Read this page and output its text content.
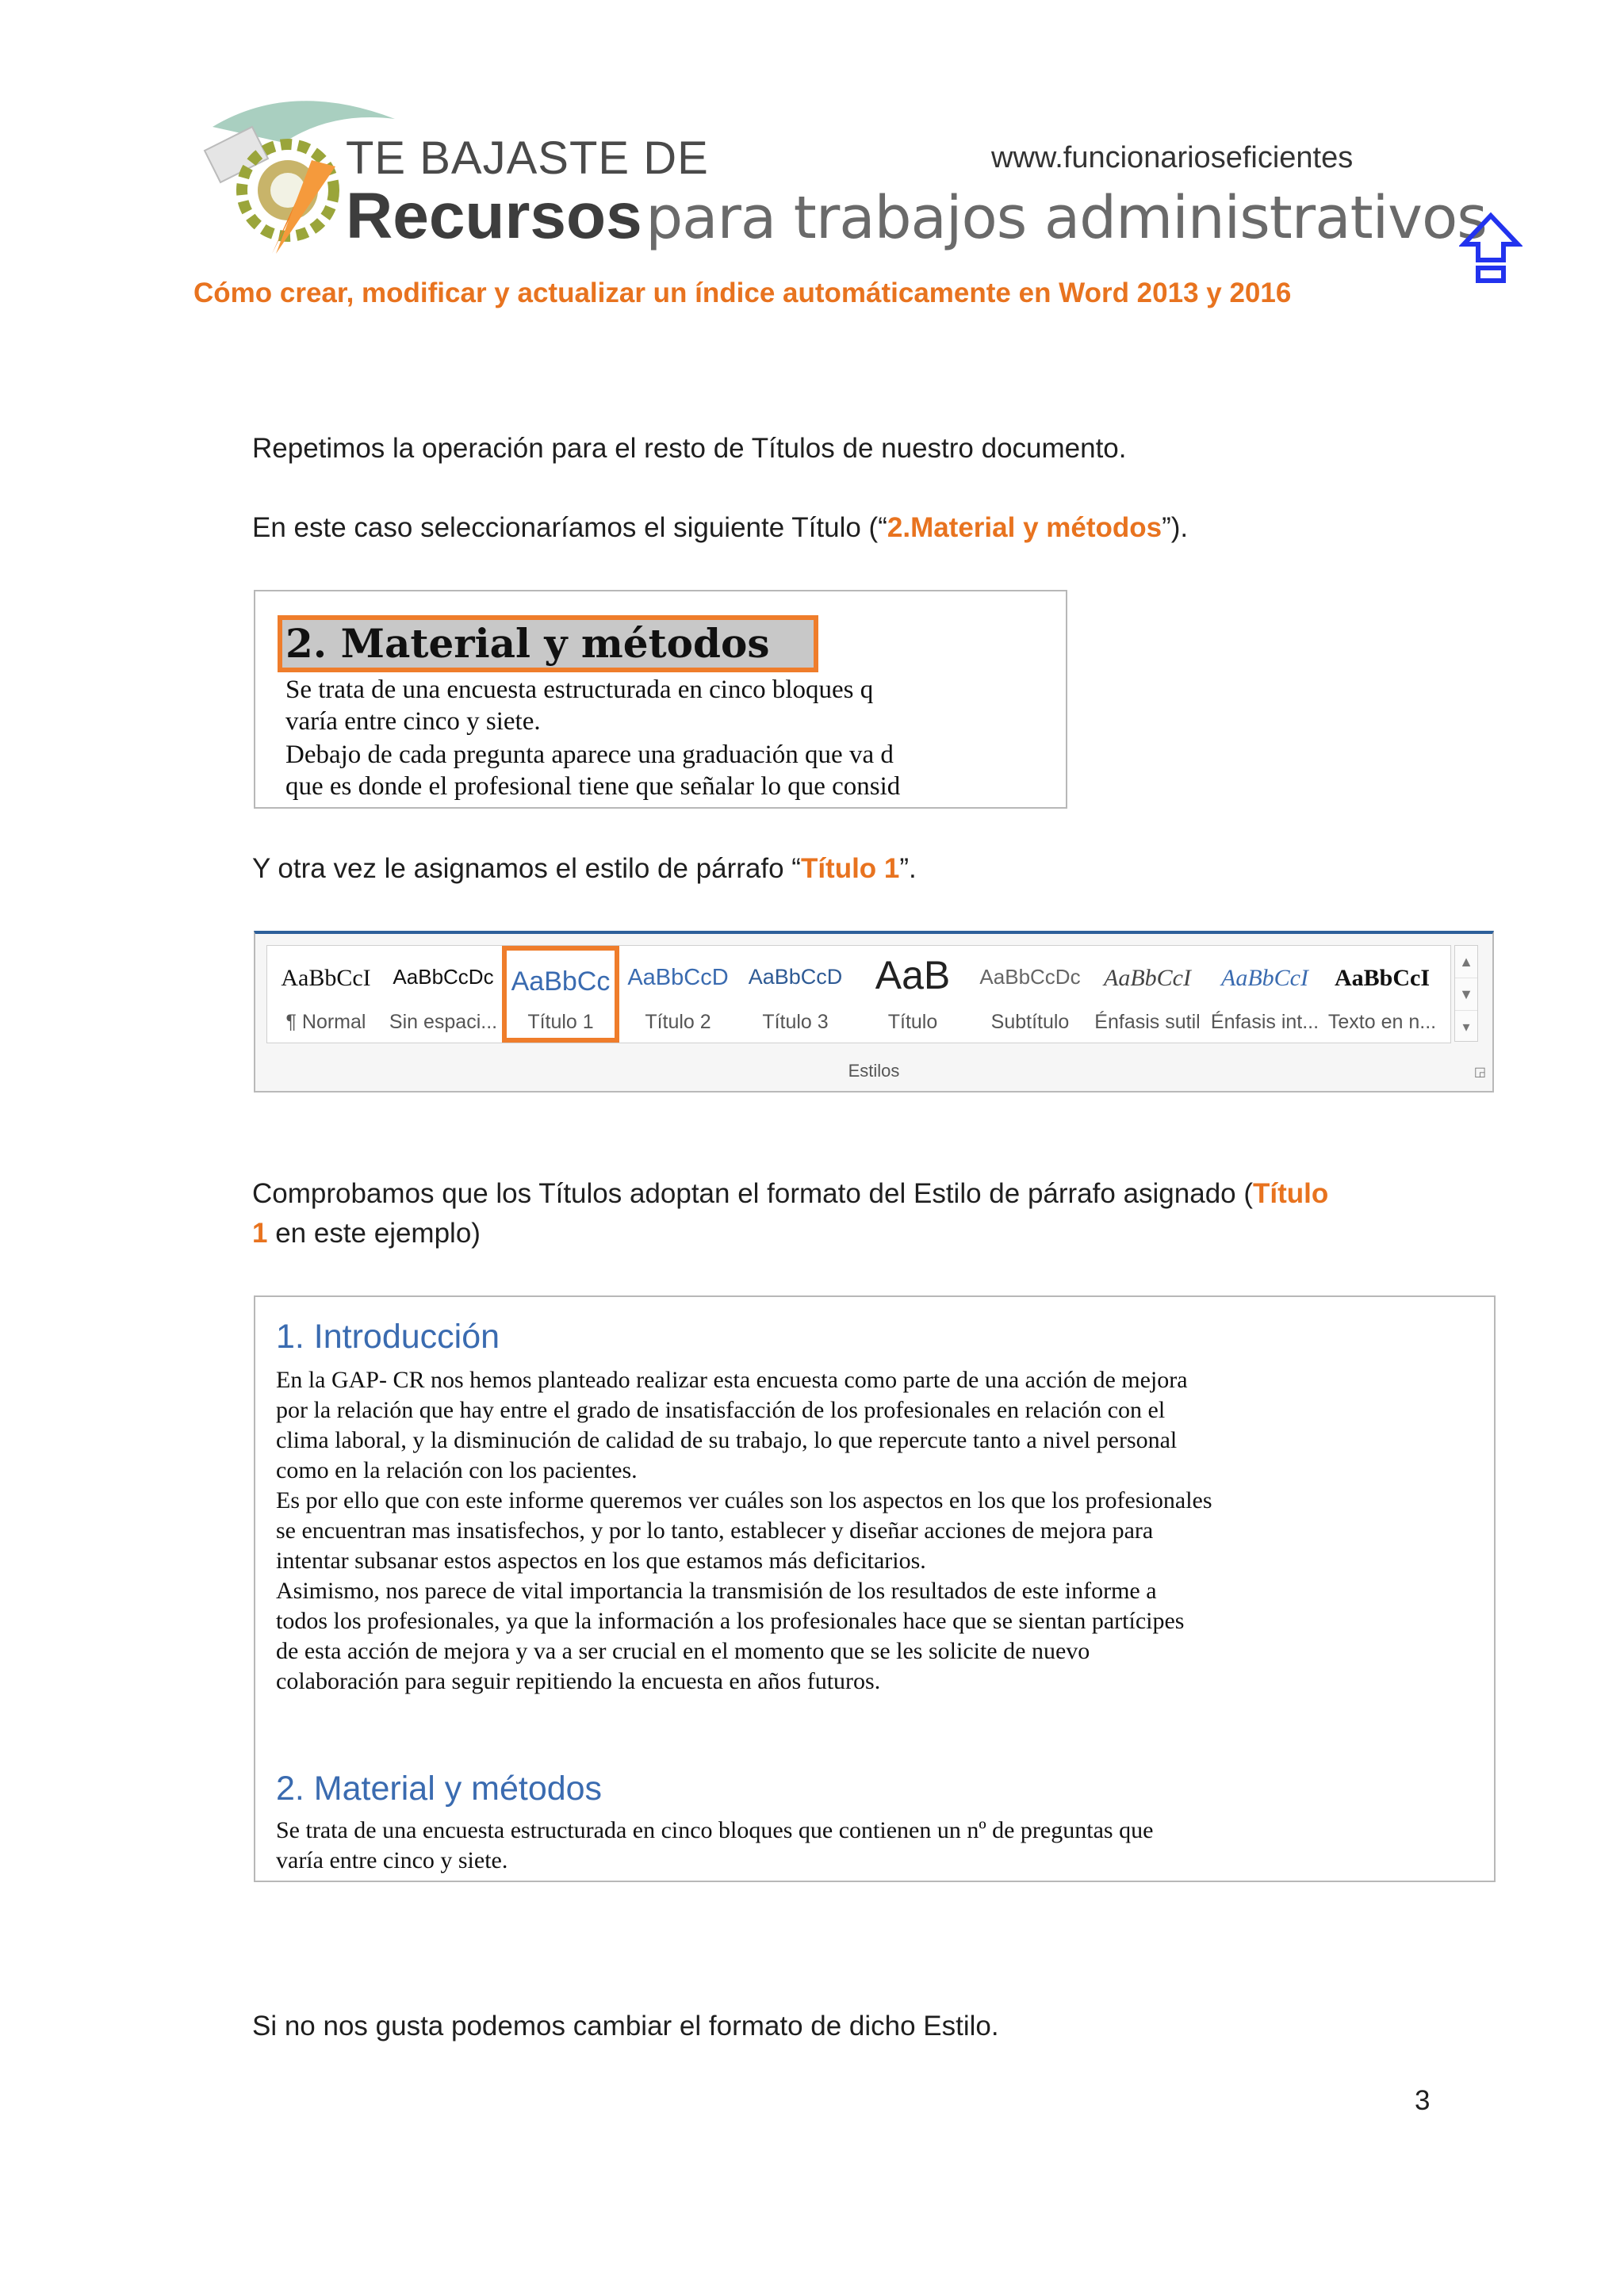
TE BAJASTE DE
Recursos para trabajos administrativos
www.funcionarioseficientes
Cómo crear, modificar y actualizar un índice automáticamente en Word 2013 y 2016
Repetimos la operación para el resto de Títulos de nuestro documento.
En este caso seleccionaríamos el siguiente Título (“2.Material y métodos”).
2. Material y métodos
Se trata de una encuesta estructurada en cinco bloques q
varía entre cinco y siete.
Debajo de cada pregunta aparece una graduación que va d
que es donde el profesional tiene que señalar lo que consid
Y otra vez le asignamos el estilo de párrafo “Título 1”.
AaBbCcI
¶ Normal
AaBbCcDc
Sin espaci...
AaBbCc
Título 1
AaBbCcD
Título 2
AaBbCcD
Título 3
AaB
Título
AaBbCcDc
Subtítulo
AaBbCcI
Énfasis sutil
AaBbCcI
Énfasis int...
AaBbCcI
Texto en n...
▲
▼
▾
Estilos	◲
Comprobamos que los Títulos adoptan el formato del Estilo de párrafo asignado (Título
1 en este ejemplo)
1. Introducción
En la GAP- CR nos hemos planteado realizar esta encuesta como parte de una acción de mejora
por la relación que hay entre el grado de insatisfacción de los profesionales en relación con el
clima laboral, y la disminución de calidad de su trabajo, lo que repercute tanto a nivel personal
como en la relación con los pacientes.
Es por ello que con este informe queremos ver cuáles son los aspectos en los que los profesionales
se encuentran mas insatisfechos, y por lo tanto, establecer y diseñar acciones de mejora para
intentar subsanar estos aspectos en los que estamos más deficitarios.
Asimismo, nos parece de vital importancia la transmisión de los resultados de este informe a
todos los profesionales, ya que la información a los profesionales hace que se sientan partícipes
de esta acción de mejora y va a ser crucial en el momento que se les solicite de nuevo
colaboración para seguir repitiendo la encuesta en años futuros.
2. Material y métodos
Se trata de una encuesta estructurada en cinco bloques que contienen un nº de preguntas que
varía entre cinco y siete.
Si no nos gusta podemos cambiar el formato de dicho Estilo.
3
